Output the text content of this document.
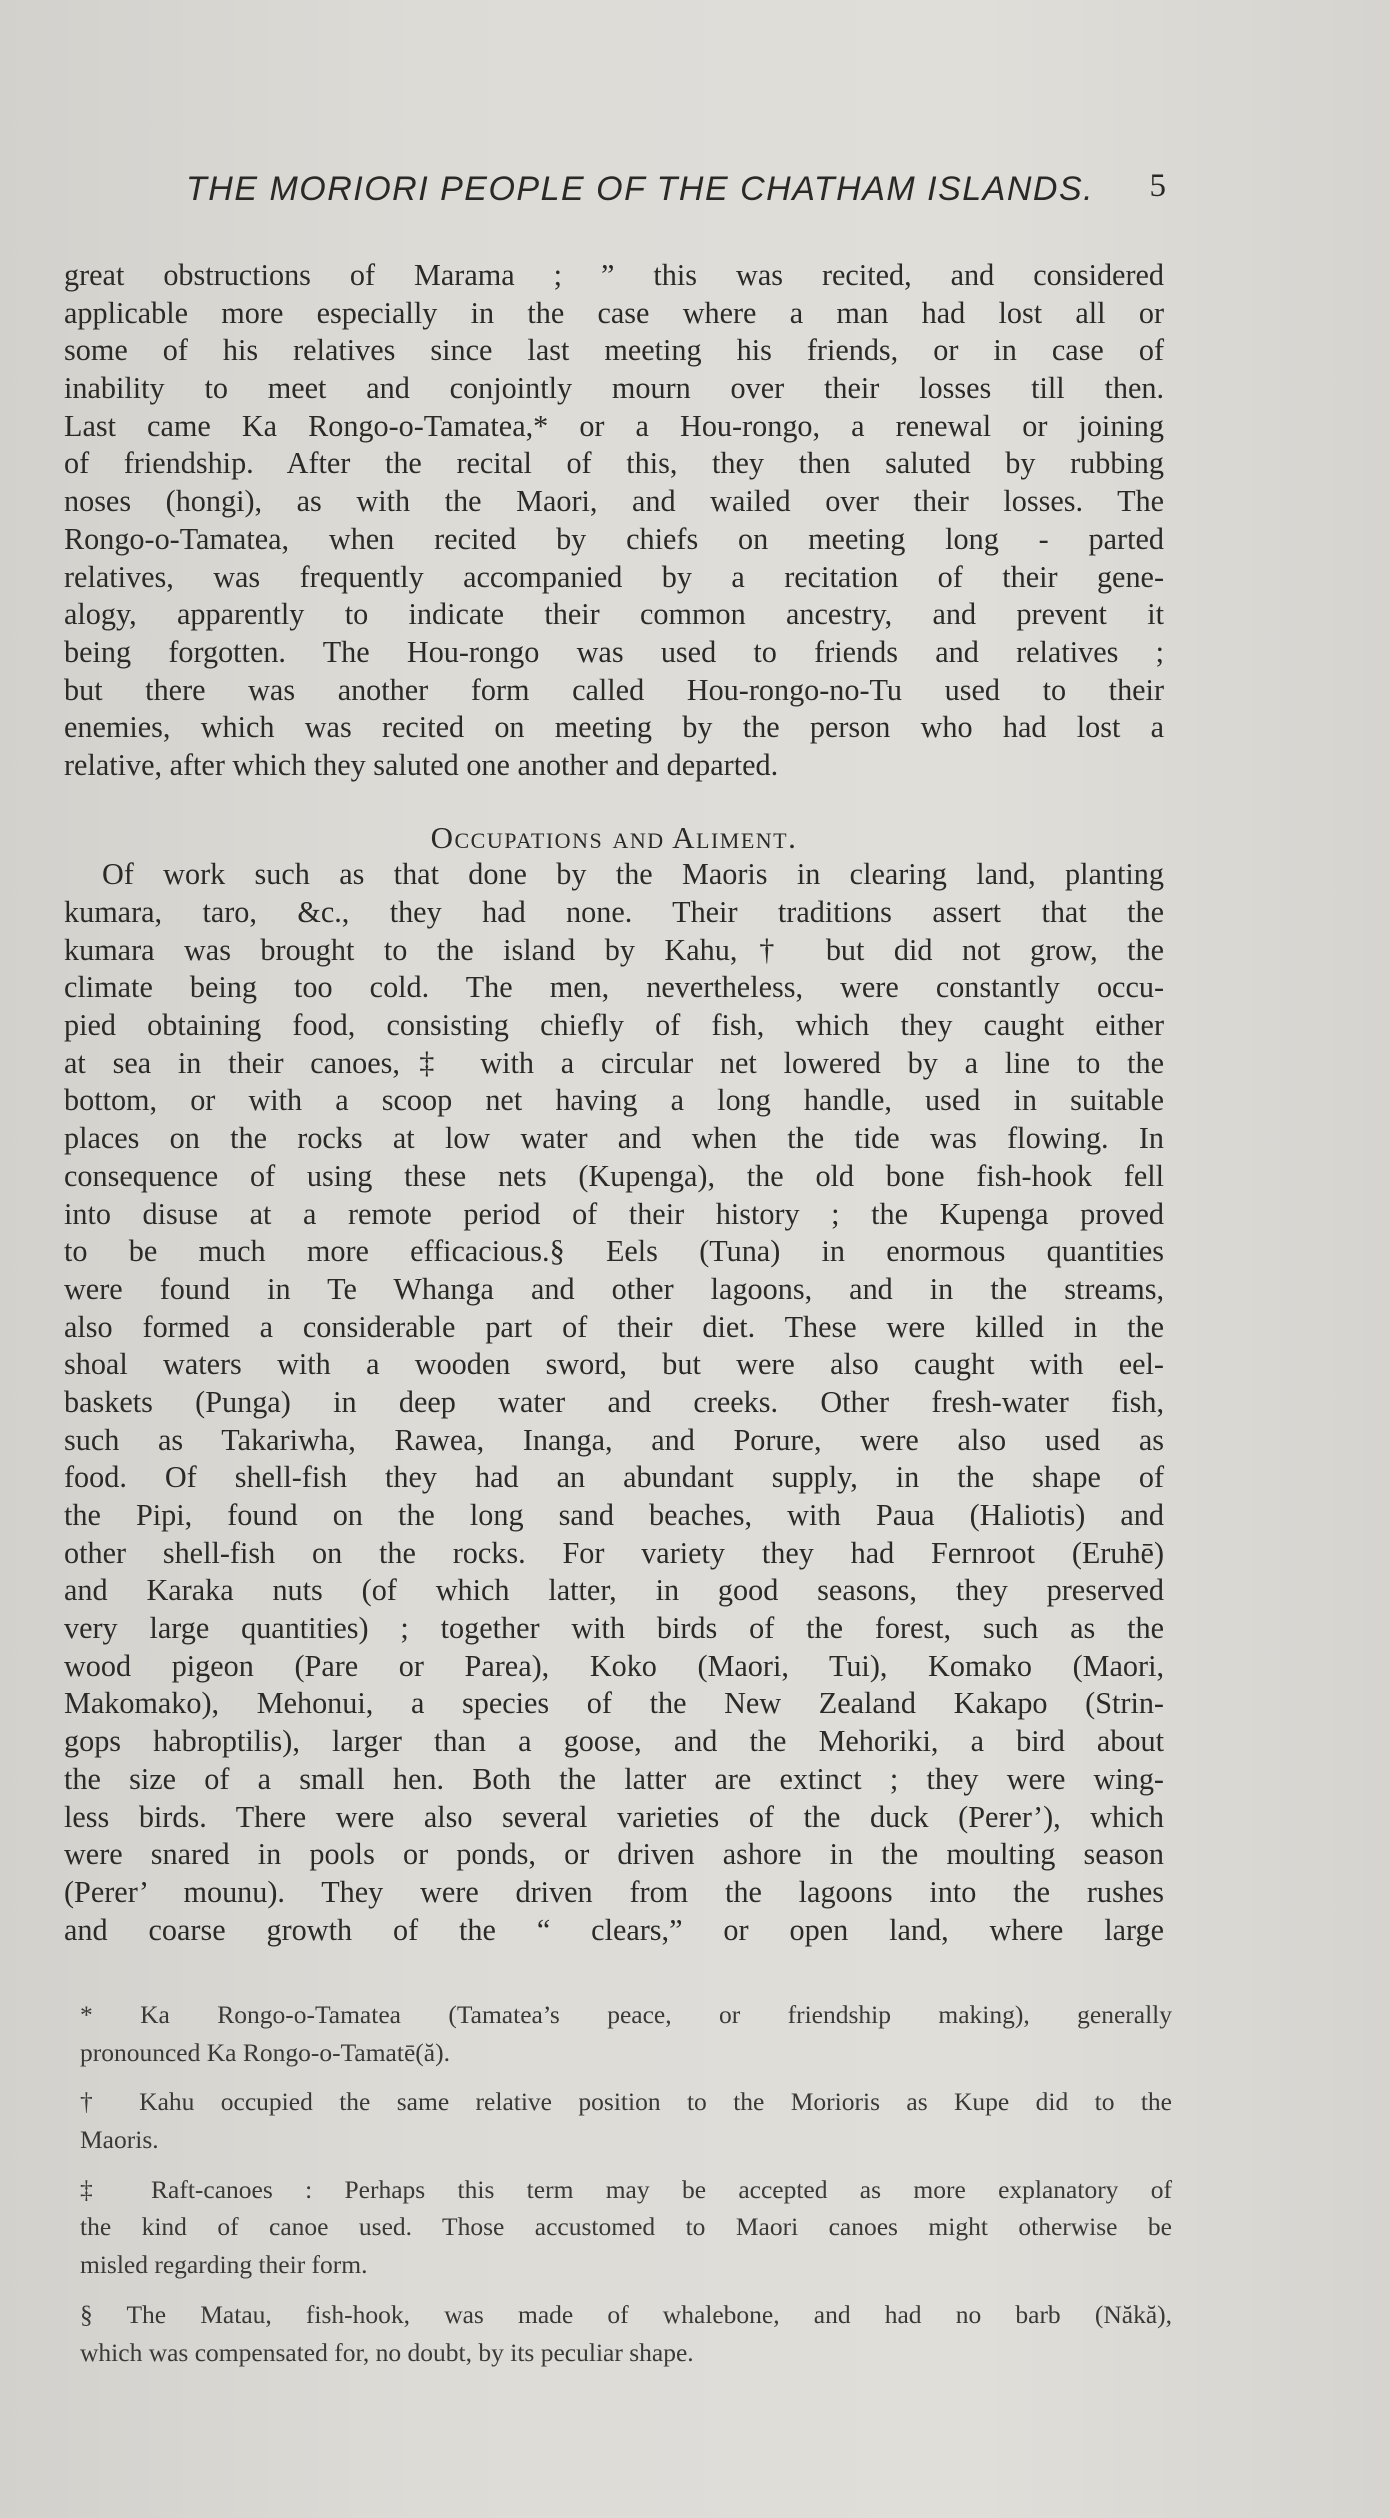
THE MORIORI PEOPLE OF THE CHATHAM ISLANDS. 5
great obstructions of Marama ; ” this was recited, and considered
applicable more especially in the case where a man had lost all or
some of his relatives since last meeting his friends, or in case of
inability to meet and conjointly mourn over their losses till then.
Last came Ka Rongo-o-Tamatea,* or a Hou-rongo, a renewal or joining
of friendship. After the recital of this, they then saluted by rubbing
noses (hongi), as with the Maori, and wailed over their losses. The
Rongo-o-Tamatea, when recited by chiefs on meeting long - parted
relatives, was frequently accompanied by a recitation of their gene-
alogy, apparently to indicate their common ancestry, and prevent it
being forgotten. The Hou-rongo was used to friends and relatives ;
but there was another form called Hou-rongo-no-Tu used to their
enemies, which was recited on meeting by the person who had lost a
relative, after which they saluted one another and departed.
Occupations and Aliment.
Of work such as that done by the Maoris in clearing land, planting
kumara, taro, &c., they had none. Their traditions assert that the
kumara was brought to the island by Kahu,† but did not grow, the
climate being too cold. The men, nevertheless, were constantly occu-
pied obtaining food, consisting chiefly of fish, which they caught either
at sea in their canoes,‡ with a circular net lowered by a line to the
bottom, or with a scoop net having a long handle, used in suitable
places on the rocks at low water and when the tide was flowing. In
consequence of using these nets (Kupenga), the old bone fish-hook fell
into disuse at a remote period of their history ; the Kupenga proved
to be much more efficacious.§ Eels (Tuna) in enormous quantities
were found in Te Whanga and other lagoons, and in the streams,
also formed a considerable part of their diet. These were killed in the
shoal waters with a wooden sword, but were also caught with eel-
baskets (Punga) in deep water and creeks. Other fresh-water fish,
such as Takariwha, Rawea, Inanga, and Porure, were also used as
food. Of shell-fish they had an abundant supply, in the shape of
the Pipi, found on the long sand beaches, with Paua (Haliotis) and
other shell-fish on the rocks. For variety they had Fernroot (Eruhē)
and Karaka nuts (of which latter, in good seasons, they preserved
very large quantities) ; together with birds of the forest, such as the
wood pigeon (Pare or Parea), Koko (Maori, Tui), Komako (Maori,
Makomako), Mehonui, a species of the New Zealand Kakapo (Strin-
gops habroptilis), larger than a goose, and the Mehoriki, a bird about
the size of a small hen. Both the latter are extinct ; they were wing-
less birds. There were also several varieties of the duck (Perer’), which
were snared in pools or ponds, or driven ashore in the moulting season
(Perer’ mounu). They were driven from the lagoons into the rushes
and coarse growth of the “ clears,” or open land, where large
* Ka Rongo-o-Tamatea (Tamatea’s peace, or friendship making), generally
pronounced Ka Rongo-o-Tamatē(ă).
† Kahu occupied the same relative position to the Morioris as Kupe did to the
Maoris.
‡ Raft-canoes : Perhaps this term may be accepted as more explanatory of
the kind of canoe used. Those accustomed to Maori canoes might otherwise be
misled regarding their form.
§ The Matau, fish-hook, was made of whalebone, and had no barb (Năkă),
which was compensated for, no doubt, by its peculiar shape.
